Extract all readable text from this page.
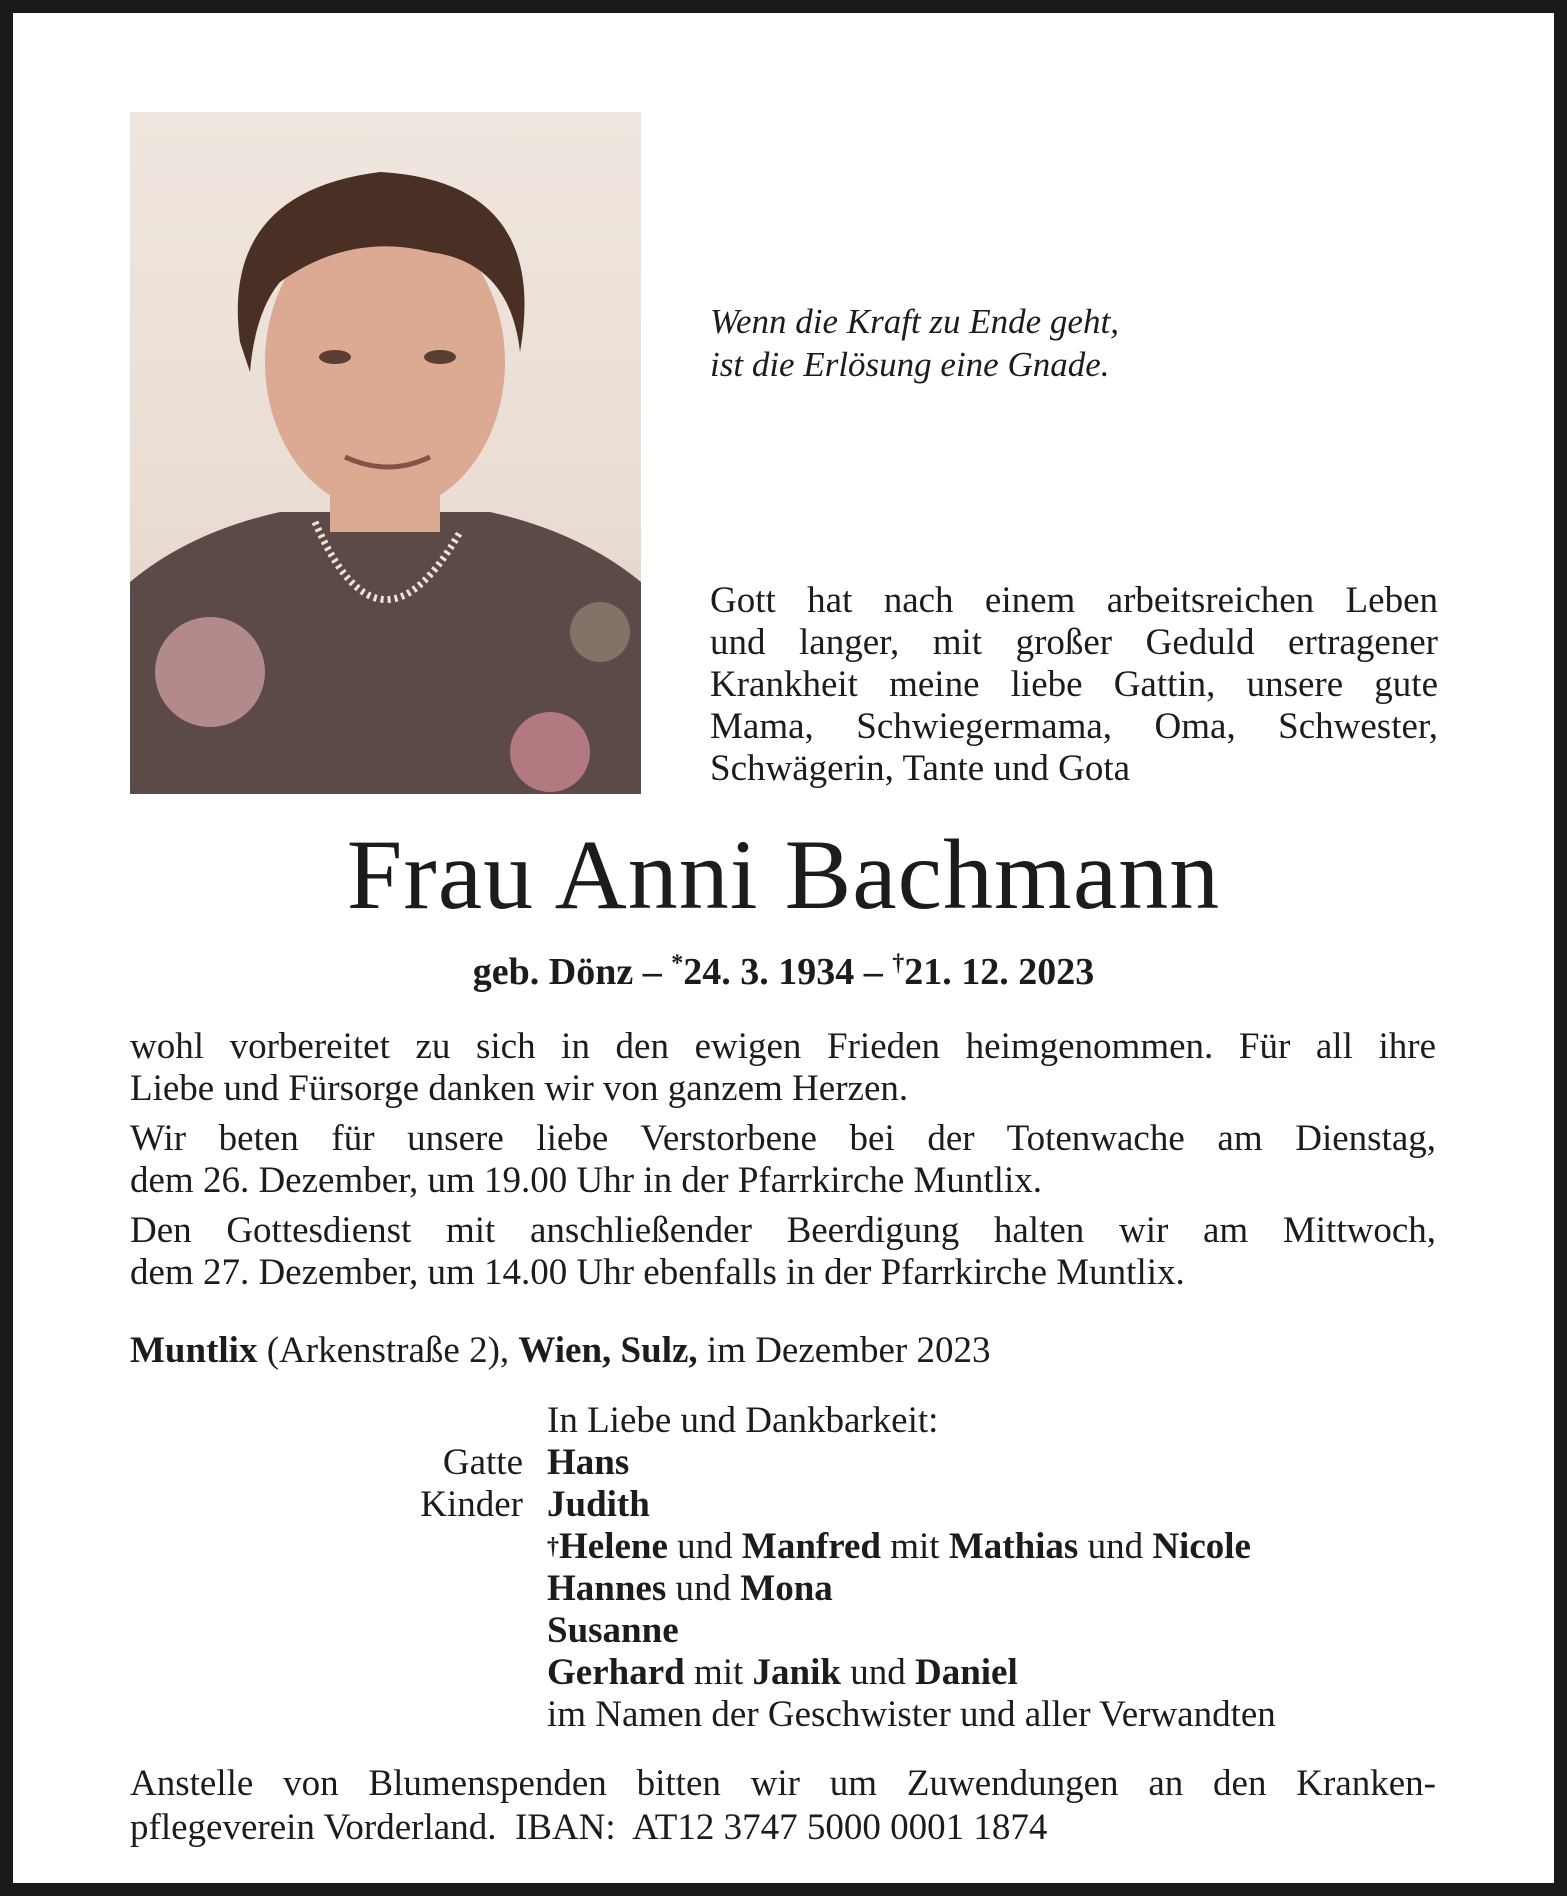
Wenn die Kraft zu Ende geht,
ist die Erlösung eine Gnade.
Gott hat nach einem arbeitsreichen Leben
und langer, mit großer Geduld ertragener
Krankheit meine liebe Gattin, unsere gute
Mama, Schwiegermama, Oma, Schwester,
Schwägerin, Tante und Gota
Frau Anni Bachmann
geb. Dönz – *24. 3. 1934 – †21. 12. 2023

wohl vorbereitet zu sich in den ewigen Frieden heimgenommen. Für all ihre
Liebe und Fürsorge danken wir von ganzem Herzen.

Wir beten für unsere liebe Verstorbene bei der Totenwache am Dienstag,
dem 26. Dezember, um 19.00 Uhr in der Pfarrkirche Muntlix.

Den Gottesdienst mit anschließender Beerdigung halten wir am Mittwoch,
dem 27. Dezember, um 14.00 Uhr ebenfalls in der Pfarrkirche Muntlix.

Muntlix (Arkenstraße 2), Wien, Sulz, im Dezember 2023
In Liebe und Dankbarkeit:
Gatte Hans
Kinder Judith
†Helene und Manfred mit Mathias und Nicole
Hannes und Mona
Susanne
Gerhard mit Janik und Daniel
im Namen der Geschwister und aller Verwandten
Anstelle von Blumenspenden bitten wir um Zuwendungen an den Kranken-
pflegeverein Vorderland.  IBAN:  AT12 3747 5000 0001 1874
